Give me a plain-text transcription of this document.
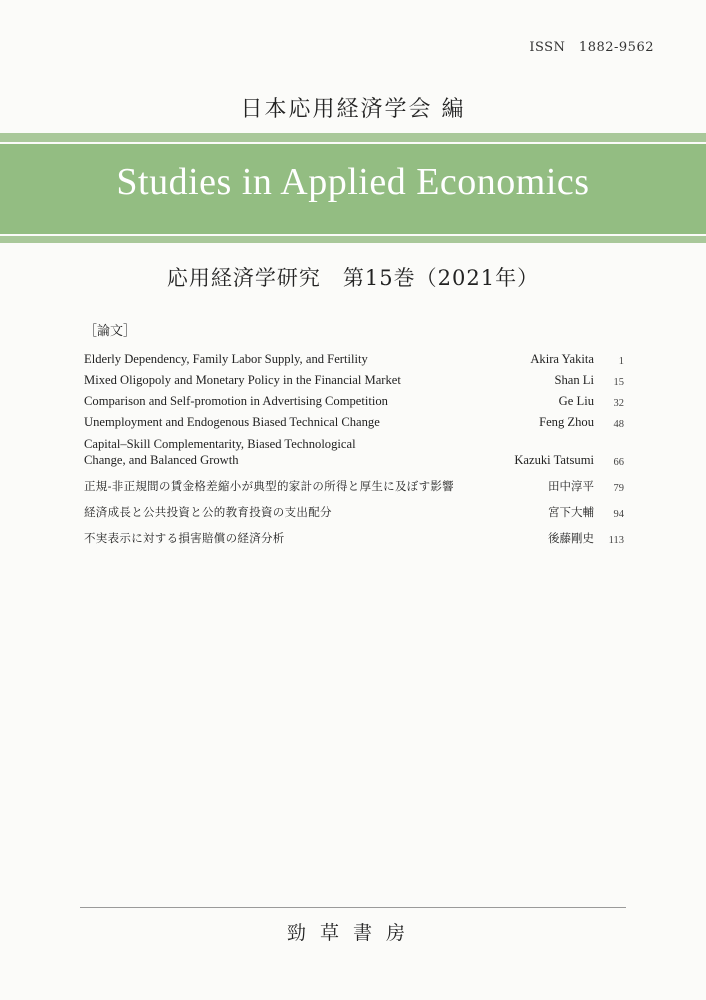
ISSN　1882-9562
日本応用経済学会 編
Studies in Applied Economics
応用経済学研究　第15巻（2021年）
［論文］
Elderly Dependency, Family Labor Supply, and Fertility	Akira Yakita	1
Mixed Oligopoly and Monetary Policy in the Financial Market	Shan Li	15
Comparison and Self-promotion in Advertising Competition	Ge Liu	32
Unemployment and Endogenous Biased Technical Change	Feng Zhou	48
Capital–Skill Complementarity, Biased Technological Change, and Balanced Growth	Kazuki Tatsumi	66
正規-非正規間の賃金格差縮小が典型的家計の所得と厚生に及ぼす影響	田中淳平	79
経済成長と公共投資と公的教育投資の支出配分	宮下大輔	94
不実表示に対する損害賠償の経済分析	後藤剛史	113
勁草書房
